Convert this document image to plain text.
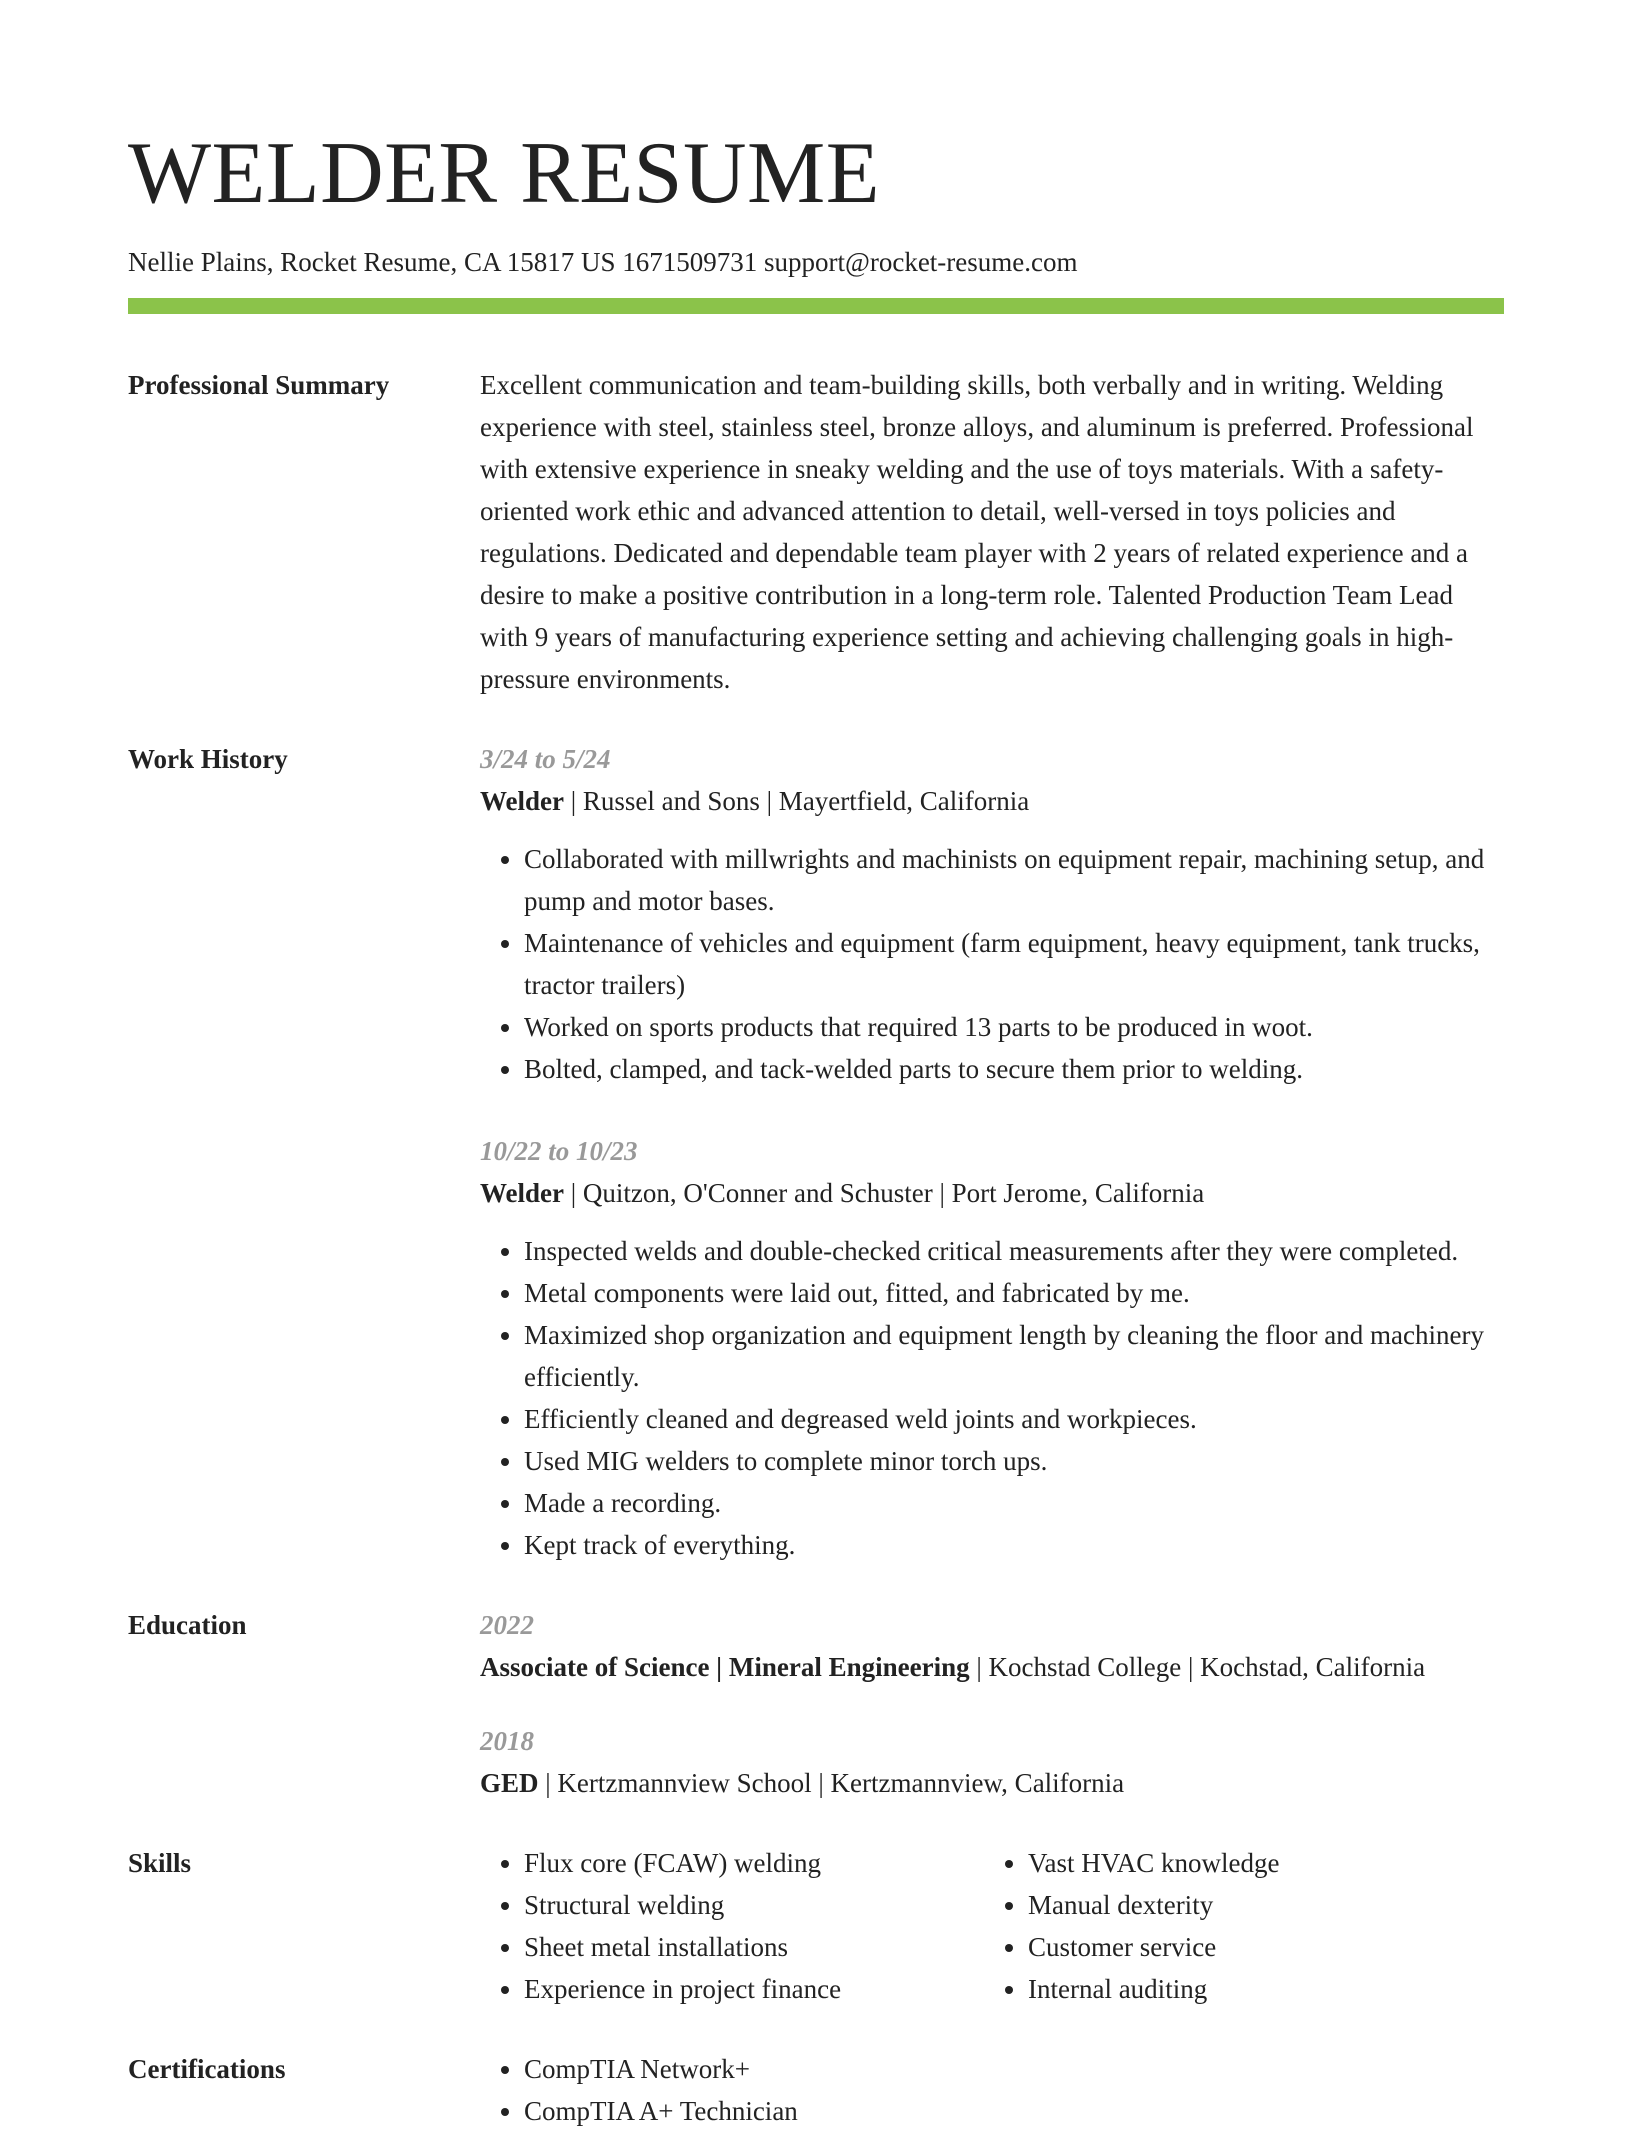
WELDER RESUME
Nellie Plains, Rocket Resume, CA 15817 US 1671509731 support@rocket-resume.com
Professional Summary	Excellent communication and team-building skills, both verbally and in writing. Welding experience with steel, stainless steel, bronze alloys, and aluminum is preferred. Professional with extensive experience in sneaky welding and the use of toys materials. With a safety-oriented work ethic and advanced attention to detail, well-versed in toys policies and regulations. Dedicated and dependable team player with 2 years of related experience and a desire to make a positive contribution in a long-term role. Talented Production Team Lead with 9 years of manufacturing experience setting and achieving challenging goals in high-pressure environments.

Work History	3/24 to 5/24
Welder | Russel and Sons | Mayertfield, California
• Collaborated with millwrights and machinists on equipment repair, machining setup, and pump and motor bases.
• Maintenance of vehicles and equipment (farm equipment, heavy equipment, tank trucks, tractor trailers)
• Worked on sports products that required 13 parts to be produced in woot.
• Bolted, clamped, and tack-welded parts to secure them prior to welding.
10/22 to 10/23
Welder | Quitzon, O'Conner and Schuster | Port Jerome, California
• Inspected welds and double-checked critical measurements after they were completed.
• Metal components were laid out, fitted, and fabricated by me.
• Maximized shop organization and equipment length by cleaning the floor and machinery efficiently.
• Efficiently cleaned and degreased weld joints and workpieces.
• Used MIG welders to complete minor torch ups.
• Made a recording.
• Kept track of everything.
Education	2022
Associate of Science | Mineral Engineering | Kochstad College | Kochstad, California
2018
GED | Kertzmannview School | Kertzmannview, California
Skills	• Flux core (FCAW) welding
• Structural welding
• Sheet metal installations
• Experience in project finance
• Vast HVAC knowledge
• Manual dexterity
• Customer service
• Internal auditing
Certifications	• CompTIA Network+
• CompTIA A+ Technician
